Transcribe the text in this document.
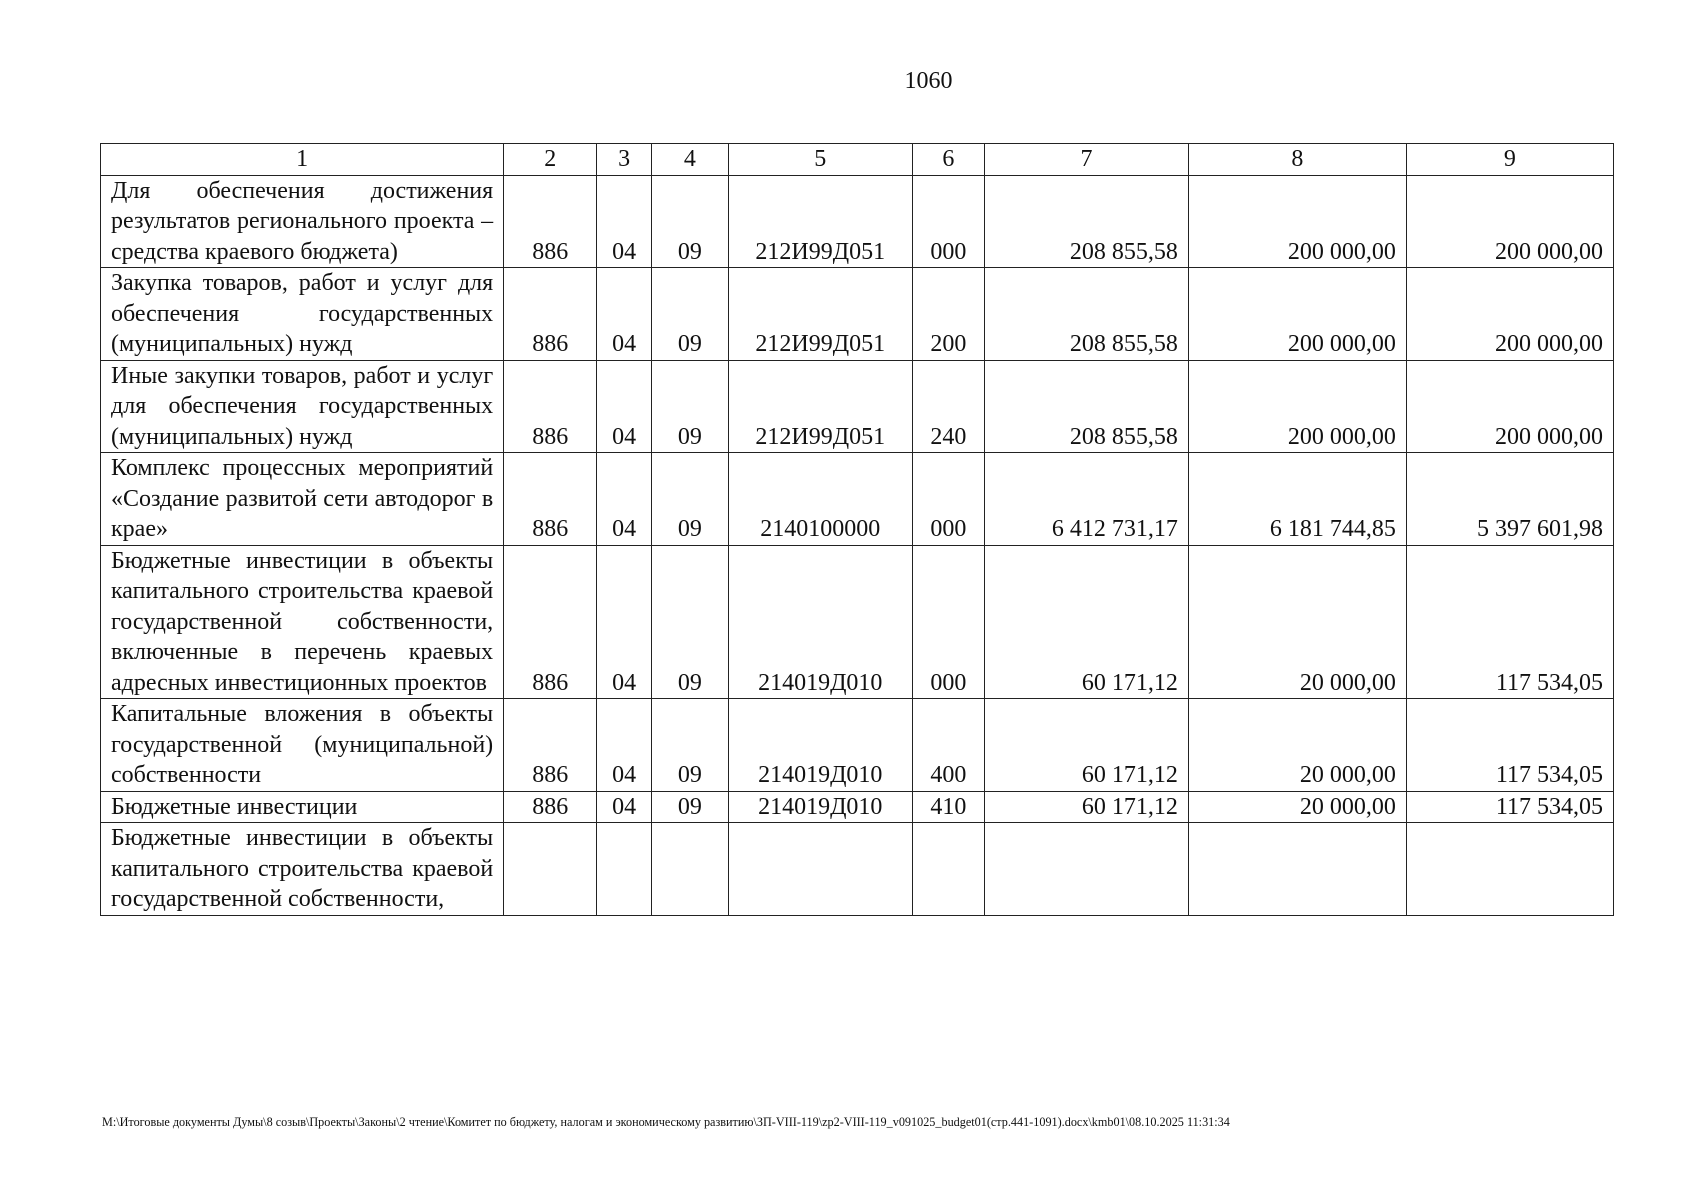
1060
1	2	3	4	5	6	7	8	9
Для обеспечения достижения результатов регионального проекта – средства краевого бюджета)	886	04	09	212И99Д051	000	208 855,58	200 000,00	200 000,00
Закупка товаров, работ и услуг для обеспечения государственных (муниципальных) нужд	886	04	09	212И99Д051	200	208 855,58	200 000,00	200 000,00
Иные закупки товаров, работ и услуг для обеспечения государственных (муниципальных) нужд	886	04	09	212И99Д051	240	208 855,58	200 000,00	200 000,00
Комплекс процессных мероприятий «Создание развитой сети автодорог в крае»	886	04	09	2140100000	000	6 412 731,17	6 181 744,85	5 397 601,98
Бюджетные инвестиции в объекты капитального строительства краевой государственной собственности, включенные в перечень краевых адресных инвестиционных проектов	886	04	09	214019Д010	000	60 171,12	20 000,00	117 534,05
Капитальные вложения в объекты государственной (муниципальной) собственности	886	04	09	214019Д010	400	60 171,12	20 000,00	117 534,05
Бюджетные инвестиции	886	04	09	214019Д010	410	60 171,12	20 000,00	117 534,05
Бюджетные инвестиции в объекты капитального строительства краевой государственной собственности,								
М:\Итоговые документы Думы\8 созыв\Проекты\Законы\2 чтение\Комитет по бюджету, налогам и экономическому развитию\ЗП-VIII-119\zp2-VIII-119_v091025_budget01(стр.441-1091).docx\kmb01\08.10.2025 11:31:34
